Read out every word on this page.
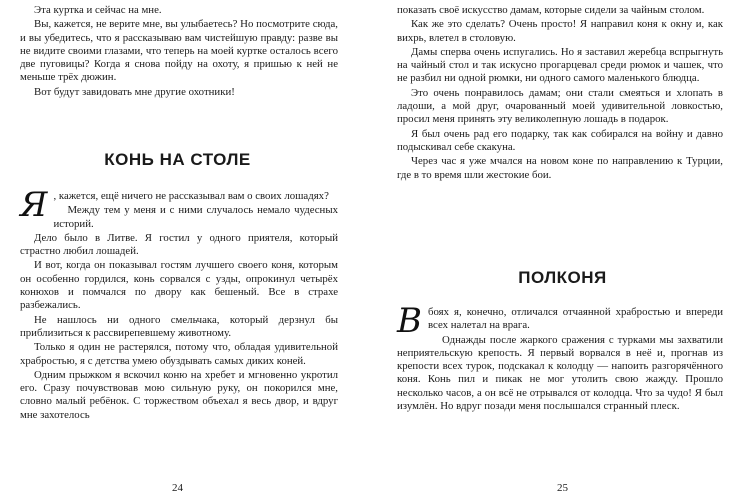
Эта куртка и сейчас на мне.

Вы, кажется, не верите мне, вы улыбаетесь? Но посмотрите сюда, и вы убедитесь, что я рассказываю вам чистейшую правду: разве вы не видите своими глазами, что теперь на моей куртке осталось всего две пуговицы? Когда я снова пойду на охоту, я пришью к ней не меньше трёх дюжин.

Вот будут завидовать мне другие охотники!

КОНЬ НА СТОЛЕ

Я , кажется, ещё ничего не рассказывал вам о своих лошадях?

Между тем у меня и с ними случалось немало чудесных историй.

Дело было в Литве. Я гостил у одного приятеля, который страстно любил лошадей.

И вот, когда он показывал гостям лучшего своего коня, которым он особенно гордился, конь сорвался с узды, опрокинул четырёх конюхов и помчался по двору как бешеный. Все в страхе разбежались.

Не нашлось ни одного смельчака, который дерзнул бы приблизиться к рассвирепевшему животному.

Только я один не растерялся, потому что, обладая удивительной храбростью, я с детства умею обуздывать самых диких коней.

Одним прыжком я вскочил коню на хребет и мгновенно укротил его. Сразу почувствовав мою сильную руку, он покорился мне, словно малый ребёнок. С торжеством объехал я весь двор, и вдруг мне захотелось

24

показать своё искусство дамам, которые сидели за чайным столом.

Как же это сделать? Очень просто! Я направил коня к окну и, как вихрь, влетел в столовую.

Дамы сперва очень испугались. Но я заставил жеребца вспрыгнуть на чайный стол и так искусно прогарцевал среди рюмок и чашек, что не разбил ни одной рюмки, ни одного самого маленького блюдца.

Это очень понравилось дамам; они стали смеяться и хлопать в ладоши, а мой друг, очарованный моей удивительной ловкостью, просил меня принять эту великолепную лошадь в подарок.

Я был очень рад его подарку, так как собирался на войну и давно подыскивал себе скакуна.

Через час я уже мчался на новом коне по направлению к Турции, где в то время шли жестокие бои.

ПОЛКОНЯ

В боях я, конечно, отличался отчаянной храбростью и впереди всех налетал на врага.

Однажды после жаркого сражения с турками мы захватили неприятельскую крепость. Я первый ворвался в неё и, прогнав из крепости всех турок, подскакал к колодцу — напоить разгорячённого коня. Конь пил и пикак не мог утолить свою жажду. Прошло несколько часов, а он всё не отрывался от колодца. Что за чудо! Я был изумлён. Но вдруг позади меня послышался странный плеск.

25
